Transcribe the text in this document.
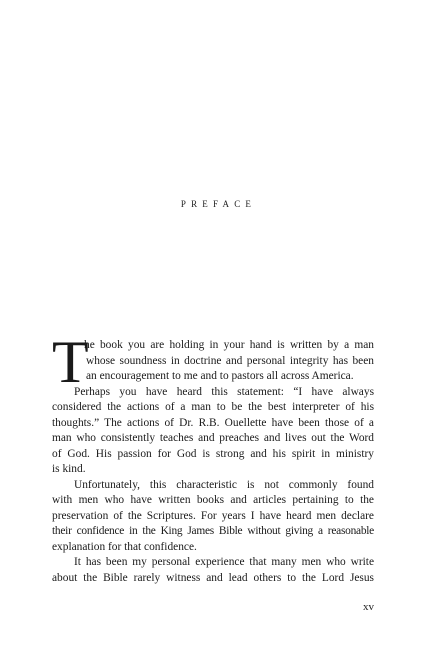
PREFACE
T
he book you are holding in your hand is written by a man
whose soundness in doctrine and personal integrity has been
an encouragement to me and to pastors all across America.
Perhaps you have heard this statement: “I have always
considered the actions of a man to be the best interpreter of his
thoughts.” The actions of Dr. R.B. Ouellette have been those of a
man who consistently teaches and preaches and lives out the Word
of God. His passion for God is strong and his spirit in ministry
is kind.
Unfortunately, this characteristic is not commonly found
with men who have written books and articles pertaining to the
preservation of the Scriptures. For years I have heard men declare
their confidence in the King James Bible without giving a reasonable
explanation for that confidence.
It has been my personal experience that many men who write
about the Bible rarely witness and lead others to the Lord Jesus
xv
